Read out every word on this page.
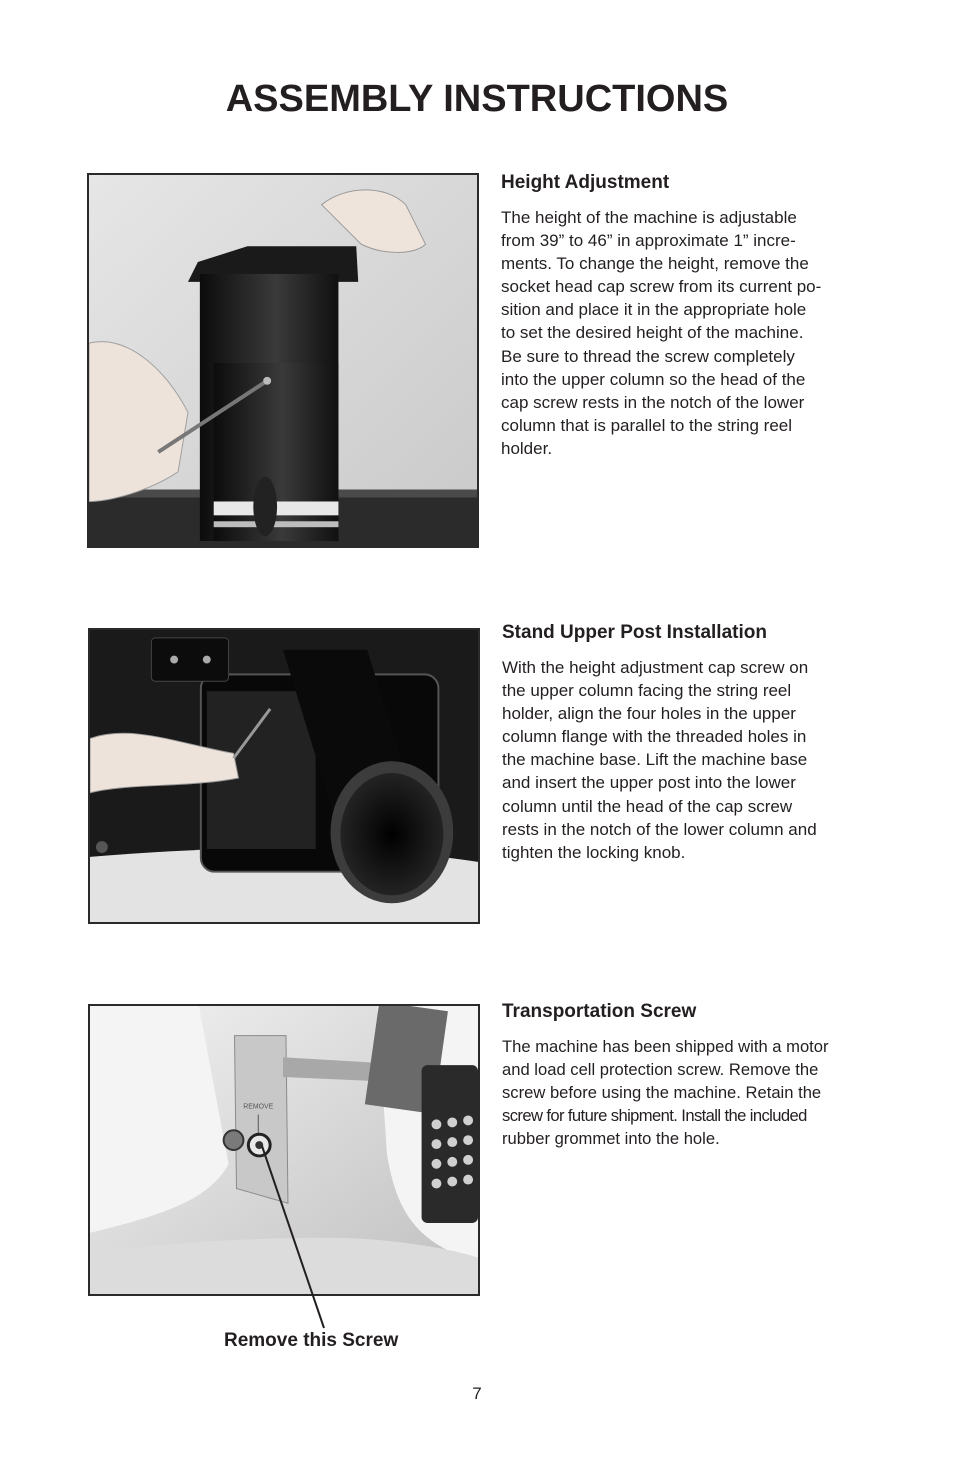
ASSEMBLY INSTRUCTIONS
Height Adjustment

The height of the machine is adjustable
from 39” to 46” in approximate 1” incre-
ments. To change the height, remove the
socket head cap screw from its current po-
sition and place it in the appropriate hole
to set the desired height of the machine.
Be sure to thread the screw completely
into the upper column so the head of the
cap screw rests in the notch of the lower
column that is parallel to the string reel
holder.

Stand Upper Post Installation

With the height adjustment cap screw on
the upper column facing the string reel
holder, align the four holes in the upper
column flange with the threaded holes in
the machine base. Lift the machine base
and insert the upper post into the lower
column until the head of the cap screw
rests in the notch of the lower column and
tighten the locking knob.

REMOVE
Transportation Screw

The machine has been shipped with a motor
and load cell protection screw. Remove the
screw before using the machine. Retain the
screw for future shipment. Install the included
rubber grommet into the hole.

Remove this Screw
7
